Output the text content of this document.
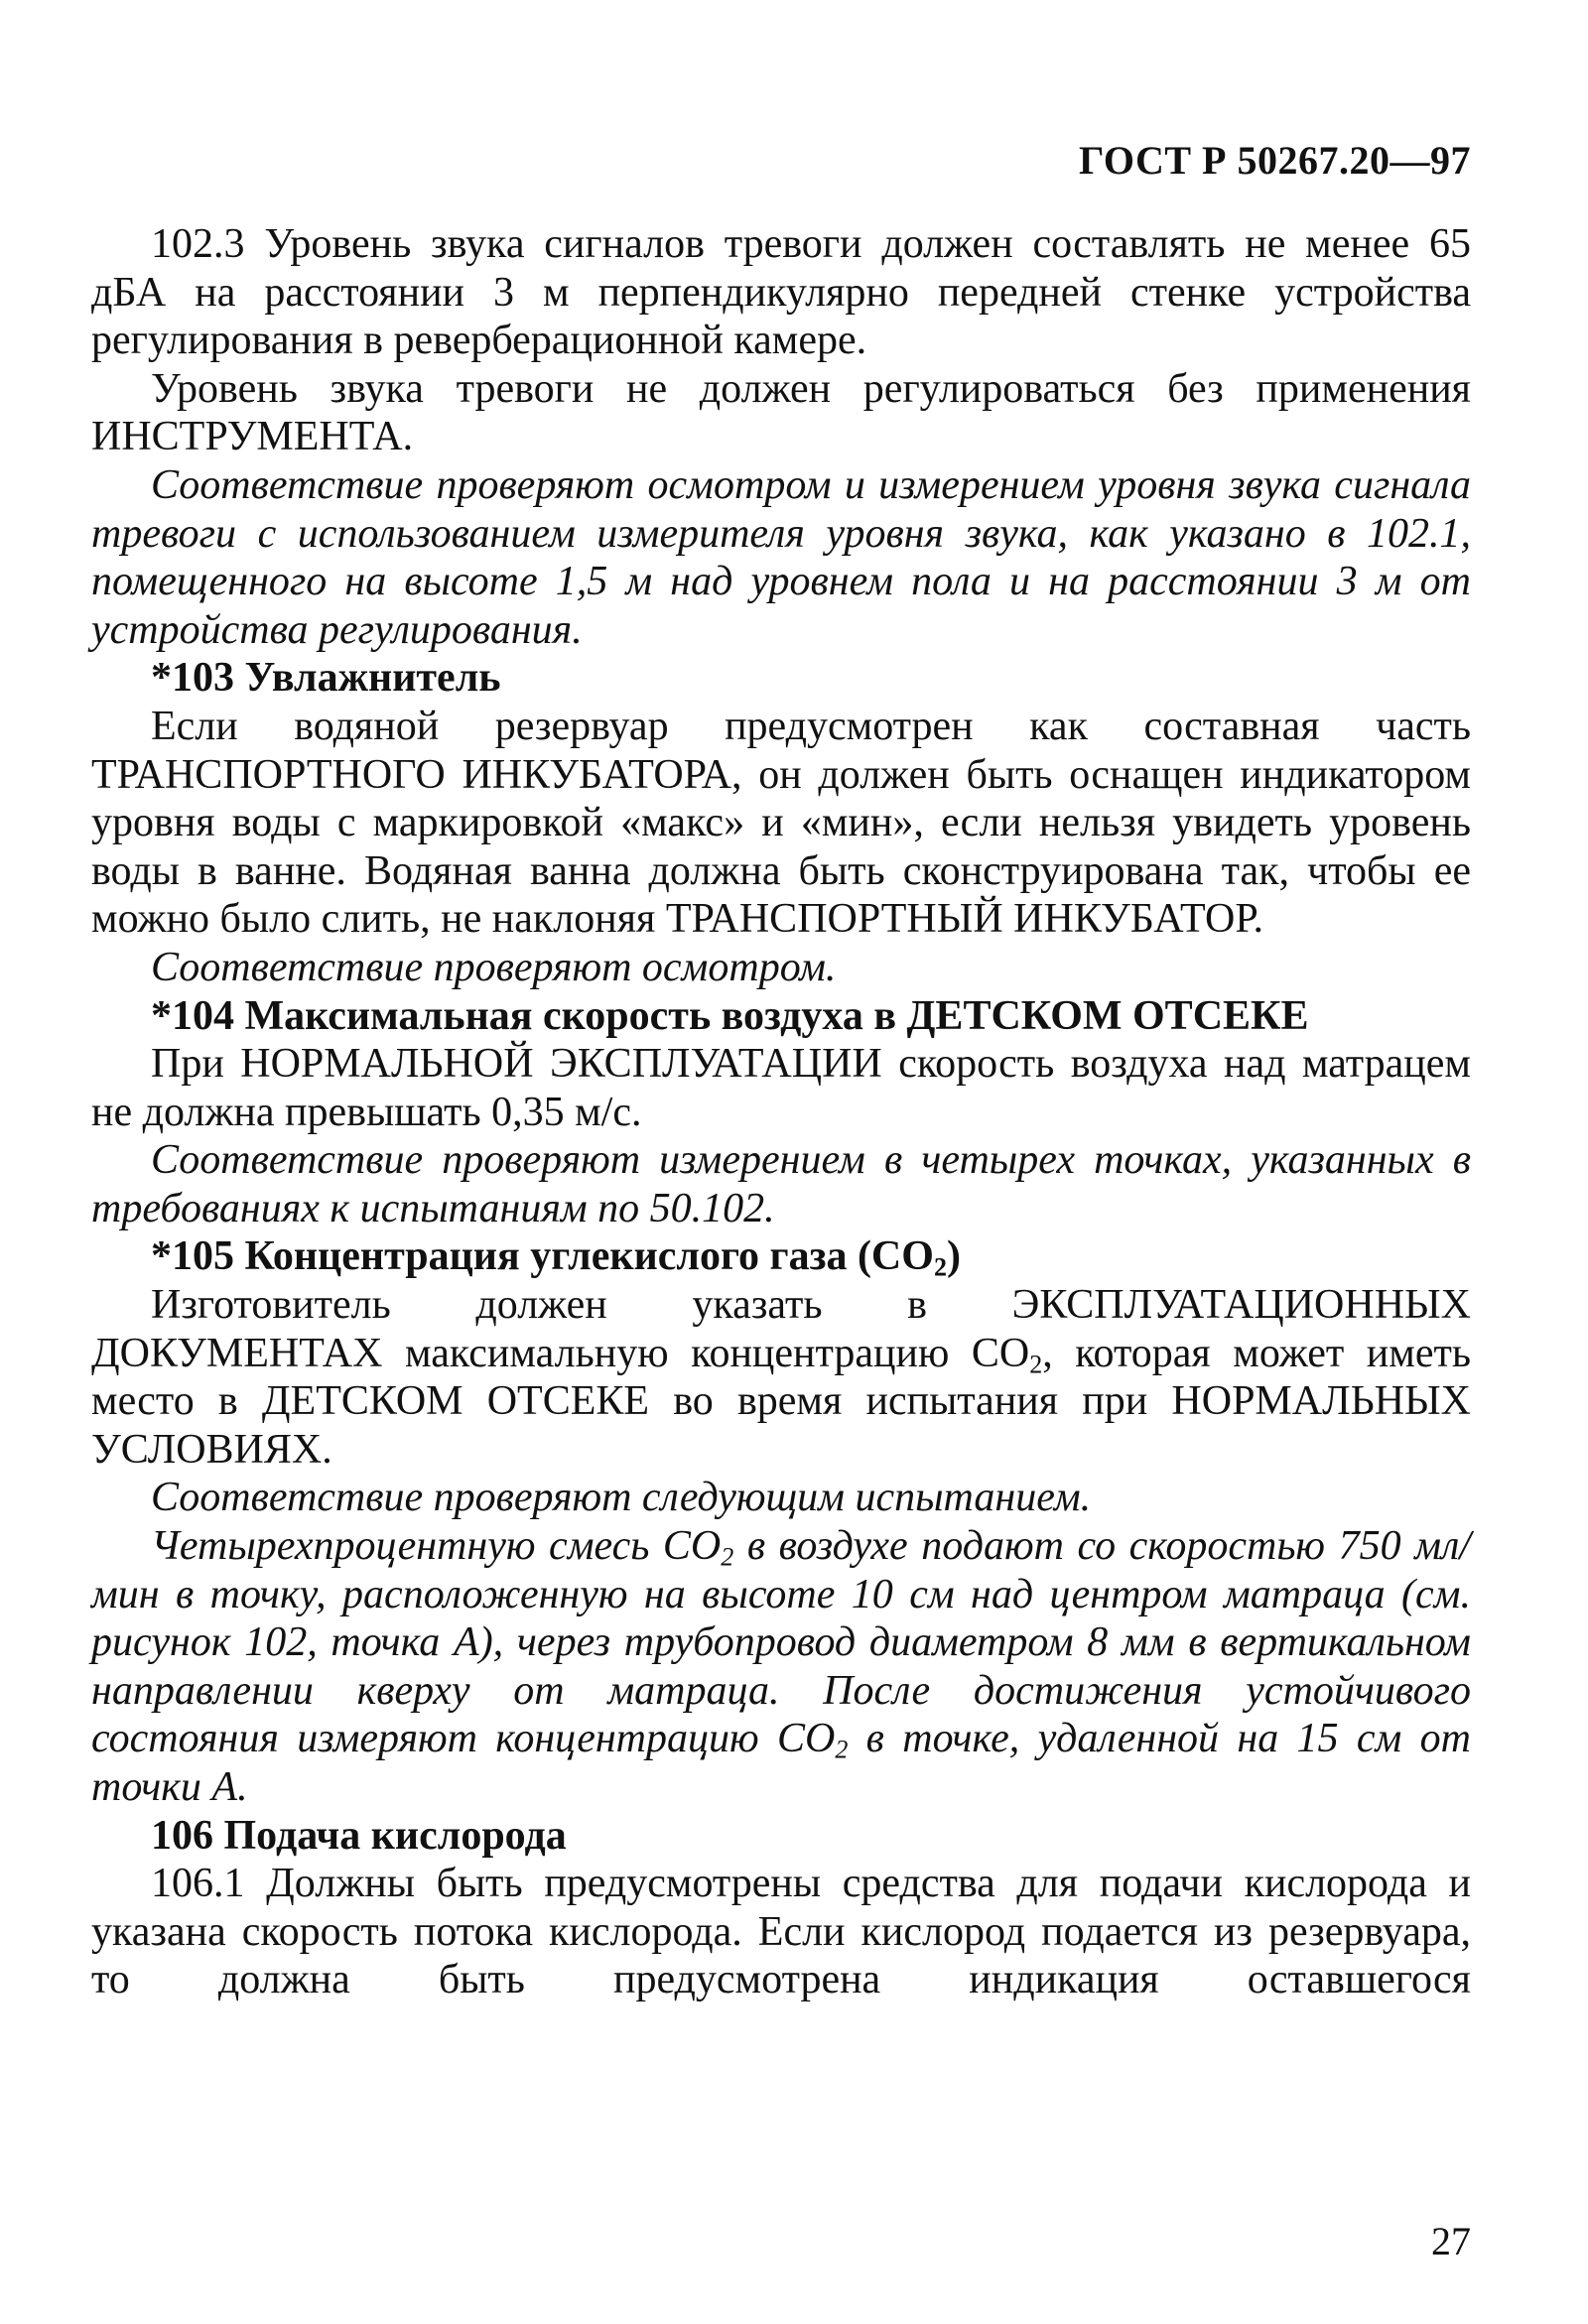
ГОСТ Р 50267.20—97

102.3 Уровень звука сигналов тревоги должен составлять не менее 65 дБА на расстоянии 3 м перпендикулярно передней стенке устройства регулирования в реверберационной камере.

Уровень звука тревоги не должен регулироваться без применения ИНСТРУМЕНТА.

Соответствие проверяют осмотром и измерением уровня звука сигнала тревоги с использованием измерителя уровня звука, как указано в 102.1, помещенного на высоте 1,5 м над уровнем пола и на расстоянии 3 м от устройства регулирования.

*103 Увлажнитель

Если водяной резервуар предусмотрен как составная часть ТРАНСПОРТНОГО ИНКУБАТОРА, он должен быть оснащен индикатором уровня воды с маркировкой «макс» и «мин», если нельзя увидеть уровень воды в ванне. Водяная ванна должна быть сконструирована так, чтобы ее можно было слить, не наклоняя ТРАНСПОРТНЫЙ ИНКУБАТОР.

Соответствие проверяют осмотром.

*104 Максимальная скорость воздуха в ДЕТСКОМ ОТСЕКЕ

При НОРМАЛЬНОЙ ЭКСПЛУАТАЦИИ скорость воздуха над матрацем не должна превышать 0,35 м/с.

Соответствие проверяют измерением в четырех точках, указанных в требованиях к испытаниям по 50.102.

*105 Концентрация углекислого газа $(CO_2)$

Изготовитель должен указать в ЭКСПЛУАТАЦИОННЫХ ДОКУМЕНТАХ максимальную концентрацию $CO_2$, которая может иметь место в ДЕТСКОМ ОТСЕКЕ во время испытания при НОРМАЛЬНЫХ УСЛОВИЯХ.

Соответствие проверяют следующим испытанием.

Четырехпроцентную смесь $CO_2$ в воздухе подают со скоростью 750 мл/мин в точку, расположенную на высоте 10 см над центром матраца (см. рисунок 102, точка А), через трубопровод диаметром 8 мм в вертикальном направлении кверху от матраца. После достижения устойчивого состояния измеряют концентрацию $CO_2$ в точке, удаленной на 15 см от точки А.

106 Подача кислорода

106.1 Должны быть предусмотрены средства для подачи кислорода и указана скорость потока кислорода. Если кислород подается из резервуара, то должна быть предусмотрена индикация оставшегося

27
